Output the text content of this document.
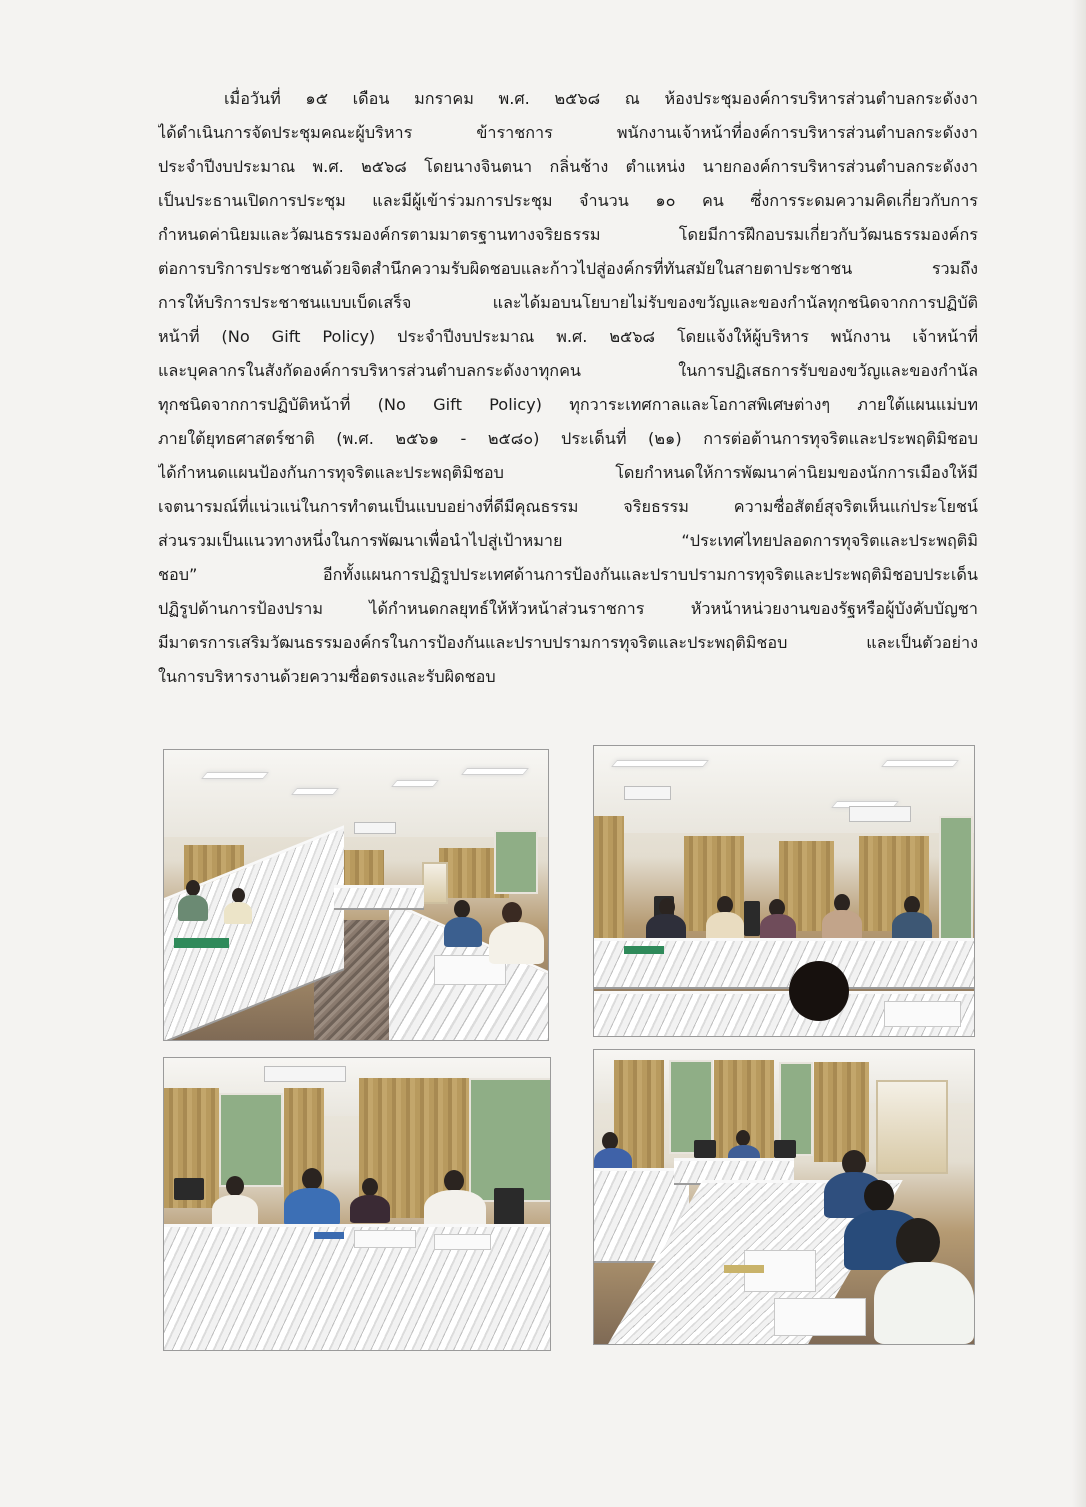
เมื่อวันที่ ๑๕ เดือน มกราคม พ.ศ. ๒๕๖๘ ณ ห้องประชุมองค์การบริหารส่วนตำบลกระดังงา
ได้ดำเนินการจัดประชุมคณะผู้บริหาร ข้าราชการ พนักงานเจ้าหน้าที่องค์การบริหารส่วนตำบลกระดังงา
ประจำปีงบประมาณ พ.ศ. ๒๕๖๘ โดยนางจินตนา กลิ่นช้าง ตำแหน่ง นายกองค์การบริหารส่วนตำบลกระดังงา
เป็นประธานเปิดการประชุม และมีผู้เข้าร่วมการประชุม จำนวน ๑๐ คน ซึ่งการระดมความคิดเกี่ยวกับการ
กำหนดค่านิยมและวัฒนธรรมองค์กรตามมาตรฐานทางจริยธรรม โดยมีการฝึกอบรมเกี่ยวกับวัฒนธรรมองค์กร
ต่อการบริการประชาชนด้วยจิตสำนึกความรับผิดชอบและก้าวไปสู่องค์กรที่ทันสมัยในสายตาประชาชน รวมถึง
การให้บริการประชาชนแบบเบ็ดเสร็จ และได้มอบนโยบายไม่รับของขวัญและของกำนัลทุกชนิดจากการปฏิบัติ
หน้าที่ (No Gift Policy) ประจำปีงบประมาณ พ.ศ. ๒๕๖๘ โดยแจ้งให้ผู้บริหาร พนักงาน เจ้าหน้าที่
และบุคลากรในสังกัดองค์การบริหารส่วนตำบลกระดังงาทุกคน ในการปฏิเสธการรับของขวัญและของกำนัล
ทุกชนิดจากการปฏิบัติหน้าที่ (No Gift Policy) ทุกวาระเทศกาลและโอกาสพิเศษต่างๆ ภายใต้แผนแม่บท
ภายใต้ยุทธศาสตร์ชาติ (พ.ศ. ๒๕๖๑ - ๒๕๘๐) ประเด็นที่ (๒๑) การต่อต้านการทุจริตและประพฤติมิชอบ
ได้กำหนดแผนป้องกันการทุจริตและประพฤติมิชอบ โดยกำหนดให้การพัฒนาค่านิยมของนักการเมืองให้มี
เจตนารมณ์ที่แน่วแน่ในการทำตนเป็นแบบอย่างที่ดีมีคุณธรรม จริยธรรม ความซื่อสัตย์สุจริตเห็นแก่ประโยชน์
ส่วนรวมเป็นแนวทางหนึ่งในการพัฒนาเพื่อนำไปสู่เป้าหมาย “ประเทศไทยปลอดการทุจริตและประพฤติมิ
ชอบ” อีกทั้งแผนการปฏิรูปประเทศด้านการป้องกันและปราบปรามการทุจริตและประพฤติมิชอบประเด็น
ปฏิรูปด้านการป้องปราม ได้กำหนดกลยุทธ์ให้หัวหน้าส่วนราชการ หัวหน้าหน่วยงานของรัฐหรือผู้บังคับบัญชา
มีมาตรการเสริมวัฒนธรรมองค์กรในการป้องกันและปราบปรามการทุจริตและประพฤติมิชอบ และเป็นตัวอย่าง
ในการบริหารงานด้วยความซื่อตรงและรับผิดชอบ
